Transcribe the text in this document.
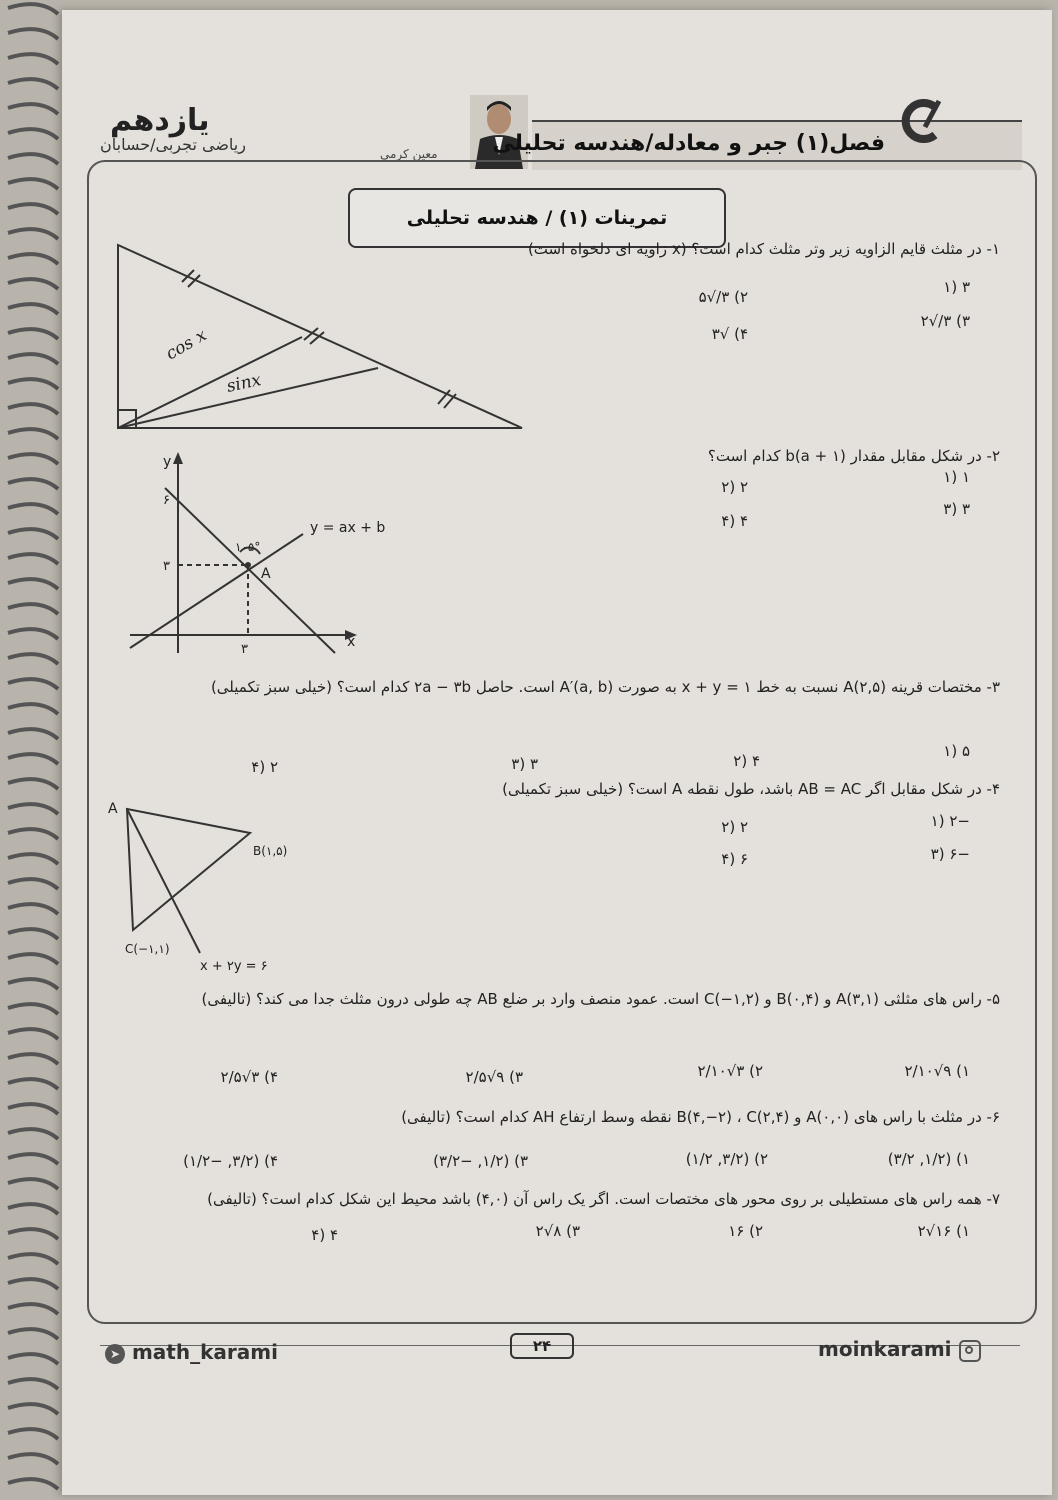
یازدهم
ریاضی تجربی/حسابان	معین کرمی فصل(۱) جبر و معادله/هندسه تحلیلی
تمرینات (۱) / هندسه تحلیلی
۱- در مثلث قایم الزاویه زیر وتر مثلث کدام است؟ (x زاویه ای دلخواه است)
۳ (۱
۲) ۳/√۵
۳) ۳/√۲
۴) √۳
cos x
sinx
۲- در شکل مقابل مقدار b(a + ۱) کدام است؟
۱ (۱
۲ (۲
۳ (۳
۴ (۴
y
x
۶
۳
۳
A
۱۰۵°
y = ax + b
۳- مختصات قرینه A(۲,۵) نسبت به خط x + y = ۱ به صورت A′(a, b) است. حاصل ۲a − ۳b کدام است؟ (خیلی سبز تکمیلی)
۵ (۱
۴ (۲
۳ (۳
۲ (۴
۴- در شکل مقابل اگر AB = AC باشد، طول نقطه A است؟ (خیلی سبز تکمیلی)
−۲ (۱
۲ (۲
−۶ (۳
۶ (۴
A
B(۱,۵)
C(−۱,۱)
x + ۲y = ۶
۵- راس های مثلثی A(۳,۱) و B(۰,۴) و C(−۱,۲) است. عمود منصف وارد بر ضلع AB چه طولی درون مثلث جدا می کند؟ (تالیفی)
۱) ۹√۲/۱۰
۲) ۳√۲/۱۰
۳) ۹√۲/۵
۴) ۳√۲/۵
۶- در مثلث با راس های A(۰,۰) و B(۴,−۲) ، C(۲,۴) نقطه وسط ارتفاع AH کدام است؟ (تالیفی)
۱) (۱/۲, ۳/۲)
۲) (۳/۲, ۱/۲)
۳) (۱/۲, −۳/۲)
۴) (۳/۲, −۱/۲)
۷- همه راس های مستطیلی بر روی محور های مختصات است. اگر یک راس آن (۴,۰) باشد محیط این شکل کدام است؟ (تالیفی)
۱) ۱۶√۲
۲) ۱۶
۳) ۸√۲
۴ (۴
➤ math_karami	۲۴	moinkarami
